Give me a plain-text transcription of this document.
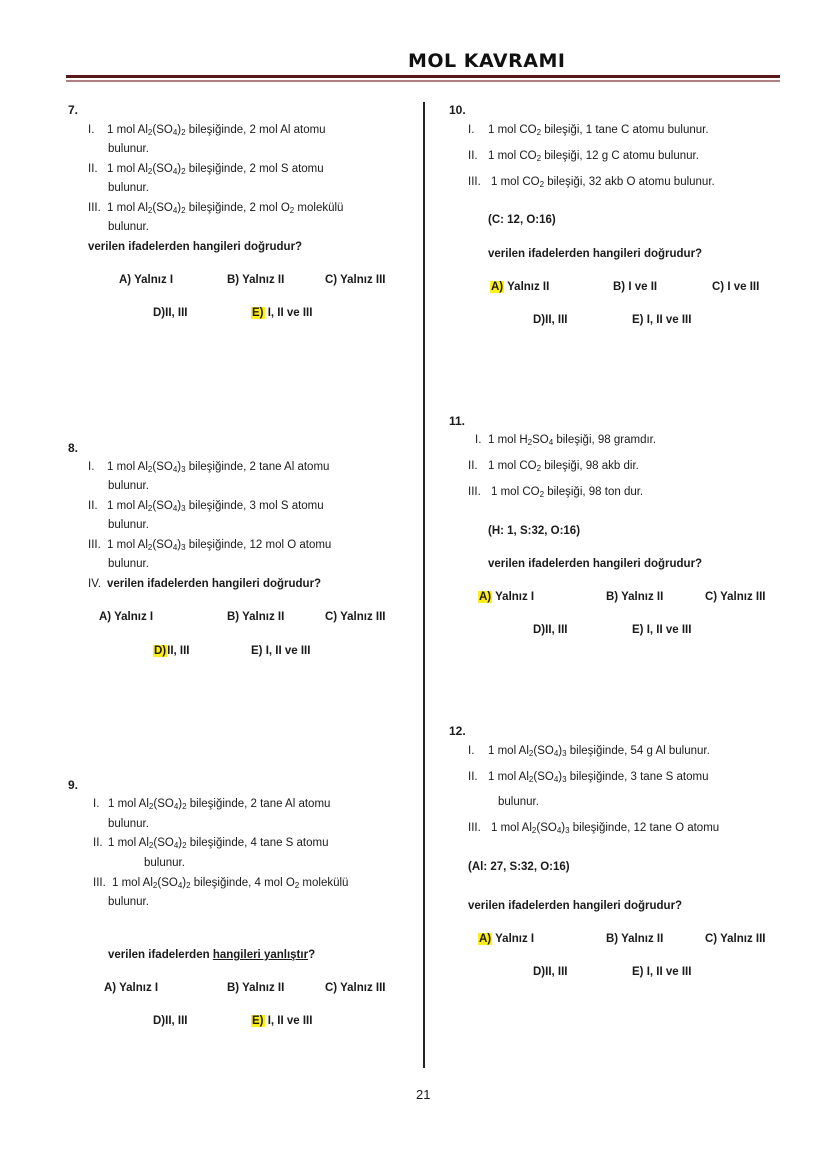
MOL KAVRAMI
7.
I. 1 mol $Al_2(SO_4)_2$ bileşiğinde, 2 mol Al atomu
bulunur.
II. 1 mol $Al_2(SO_4)_2$ bileşiğinde, 2 mol S atomu
bulunur.
III. 1 mol $Al_2(SO_4)_2$ bileşiğinde, 2 mol $O_2$ molekülü
bulunur.
verilen ifadelerden hangileri doğrudur?
A) Yalnız I	B) Yalnız II	C) Yalnız III
D)II, III	E) I, II ve III
8.
I. 1 mol $Al_2(SO_4)_3$ bileşiğinde, 2 tane Al atomu
bulunur.
II. 1 mol $Al_2(SO_4)_3$ bileşiğinde, 3 mol S atomu
bulunur.
III. 1 mol $Al_2(SO_4)_3$ bileşiğinde, 12 mol O atomu
bulunur.
IV. verilen ifadelerden hangileri doğrudur?
A) Yalnız I	B) Yalnız II	C) Yalnız III
D)II, III	E) I, II ve III
9.
I. 1 mol $Al_2(SO_4)_2$ bileşiğinde, 2 tane Al atomu
bulunur.
II. 1 mol $Al_2(SO_4)_2$ bileşiğinde, 4 tane S atomu
bulunur.
III. 1 mol $Al_2(SO_4)_2$ bileşiğinde, 4 mol $O_2$ molekülü
bulunur.
verilen ifadelerden hangileri yanlıştır?
A) Yalnız I	B) Yalnız II	C) Yalnız III
D)II, III	E) I, II ve III
10.
I. 1 mol $CO_2$ bileşiği, 1 tane C atomu bulunur.
II. 1 mol $CO_2$ bileşiği, 12 g C atomu bulunur.
III. 1 mol $CO_2$ bileşiği, 32 akb O atomu bulunur.
(C: 12, O:16)
verilen ifadelerden hangileri doğrudur?
A) Yalnız II	B) I ve II	C) I ve III
D)II, III	E) I, II ve III
11.
I. 1 mol $H_2SO_4$ bileşiği, 98 gramdır.
II. 1 mol $CO_2$ bileşiği, 98 akb dir.
III. 1 mol $CO_2$ bileşiği, 98 ton dur.
(H: 1, S:32, O:16)
verilen ifadelerden hangileri doğrudur?
A) Yalnız I	B) Yalnız II	C) Yalnız III
D)II, III	E) I, II ve III
12.
I. 1 mol $Al_2(SO_4)_3$ bileşiğinde, 54 g Al bulunur.
II. 1 mol $Al_2(SO_4)_3$ bileşiğinde, 3 tane S atomu
bulunur.
III. 1 mol $Al_2(SO_4)_3$ bileşiğinde, 12 tane O atomu
(Al: 27, S:32, O:16)
verilen ifadelerden hangileri doğrudur?
A) Yalnız I	B) Yalnız II	C) Yalnız III
D)II, III	E) I, II ve III
21
